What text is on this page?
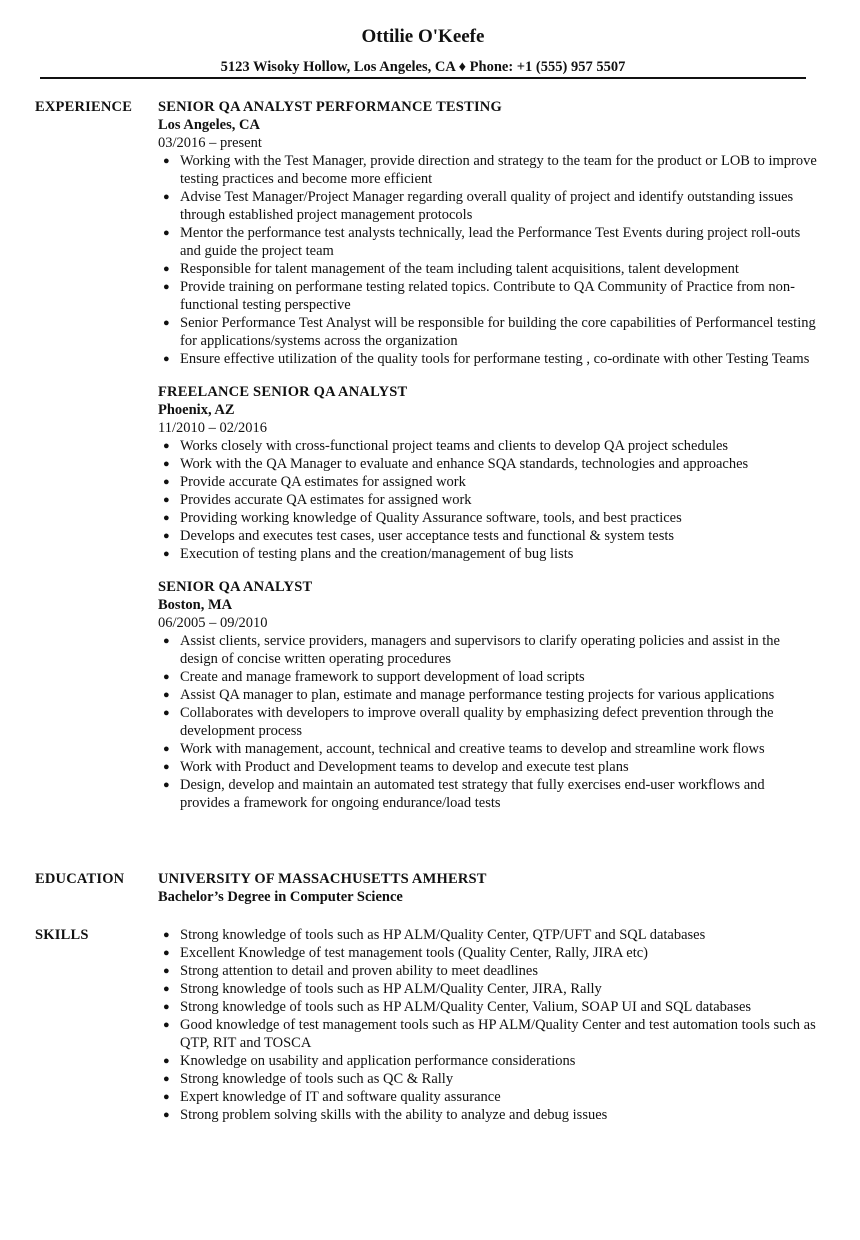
Ottilie O'Keefe
5123 Wisoky Hollow, Los Angeles, CA ♦ Phone: +1 (555) 957 5507
EXPERIENCE SENIOR QA ANALYST PERFORMANCE TESTING
Los Angeles, CA
03/2016 – present
● Working with the Test Manager, provide direction and strategy to the team for the product or LOB to improve testing practices and become more efficient
● Advise Test Manager/Project Manager regarding overall quality of project and identify outstanding issues through established project management protocols
● Mentor the performance test analysts technically, lead the Performance Test Events during project roll-outs and guide the project team
● Responsible for talent management of the team including talent acquisitions, talent development
● Provide training on performane testing related topics. Contribute to QA Community of Practice from non-functional testing perspective
● Senior Performance Test Analyst will be responsible for building the core capabilities of Performancel testing for applications/systems across the organization
● Ensure effective utilization of the quality tools for performane testing , co-ordinate with other Testing Teams
FREELANCE SENIOR QA ANALYST
Phoenix, AZ
11/2010 – 02/2016
● Works closely with cross-functional project teams and clients to develop QA project schedules
● Work with the QA Manager to evaluate and enhance SQA standards, technologies and approaches
● Provide accurate QA estimates for assigned work
● Provides accurate QA estimates for assigned work
● Providing working knowledge of Quality Assurance software, tools, and best practices
● Develops and executes test cases, user acceptance tests and functional & system tests
● Execution of testing plans and the creation/management of bug lists
SENIOR QA ANALYST
Boston, MA
06/2005 – 09/2010
● Assist clients, service providers, managers and supervisors to clarify operating policies and assist in the design of concise written operating procedures
● Create and manage framework to support development of load scripts
● Assist QA manager to plan, estimate and manage performance testing projects for various applications
● Collaborates with developers to improve overall quality by emphasizing defect prevention through the development process
● Work with management, account, technical and creative teams to develop and streamline work flows
● Work with Product and Development teams to develop and execute test plans
● Design, develop and maintain an automated test strategy that fully exercises end-user workflows and provides a framework for ongoing endurance/load tests
EDUCATION UNIVERSITY OF MASSACHUSETTS AMHERST
Bachelor’s Degree in Computer Science
SKILLS	● Strong knowledge of tools such as HP ALM/Quality Center, QTP/UFT and SQL databases
● Excellent Knowledge of test management tools (Quality Center, Rally, JIRA etc)
● Strong attention to detail and proven ability to meet deadlines
● Strong knowledge of tools such as HP ALM/Quality Center, JIRA, Rally
● Strong knowledge of tools such as HP ALM/Quality Center, Valium, SOAP UI and SQL databases
● Good knowledge of test management tools such as HP ALM/Quality Center and test automation tools such as QTP, RIT and TOSCA
● Knowledge on usability and application performance considerations
● Strong knowledge of tools such as QC & Rally
● Expert knowledge of IT and software quality assurance
● Strong problem solving skills with the ability to analyze and debug issues
